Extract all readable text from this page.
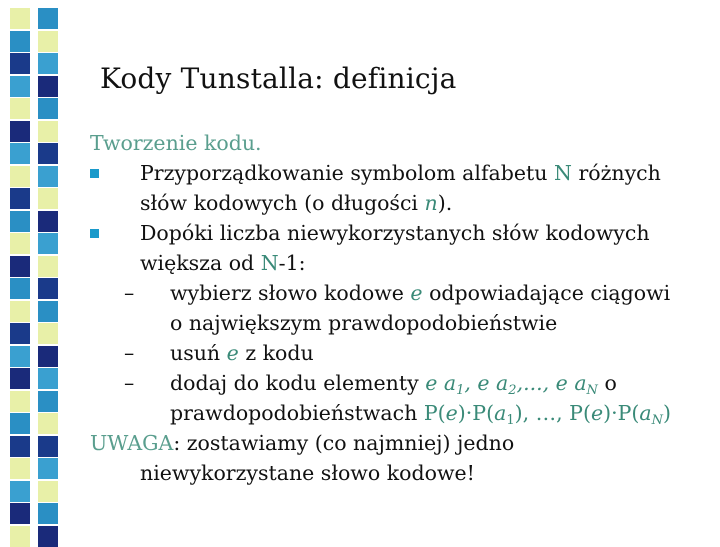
Kody Tunstalla: definicja
Tworzenie kodu.
Przyporządkowanie symbolom alfabetu N różnych
słów kodowych (o długości n).
Dopóki liczba niewykorzystanych słów kodowych
większa od N-1:
– wybierz słowo kodowe e odpowiadające ciągowi
o największym prawdopodobieństwie
– usuń e z kodu
– dodaj do kodu elementy e $a_1$, e $a_2$,..., e $a_N$ o
prawdopodobieństwach $P(e)\cdot P(a_1)$, …, $P(e)\cdot P(a_N)$
UWAGA: zostawiamy (co najmniej) jedno
niewykorzystane słowo kodowe!
